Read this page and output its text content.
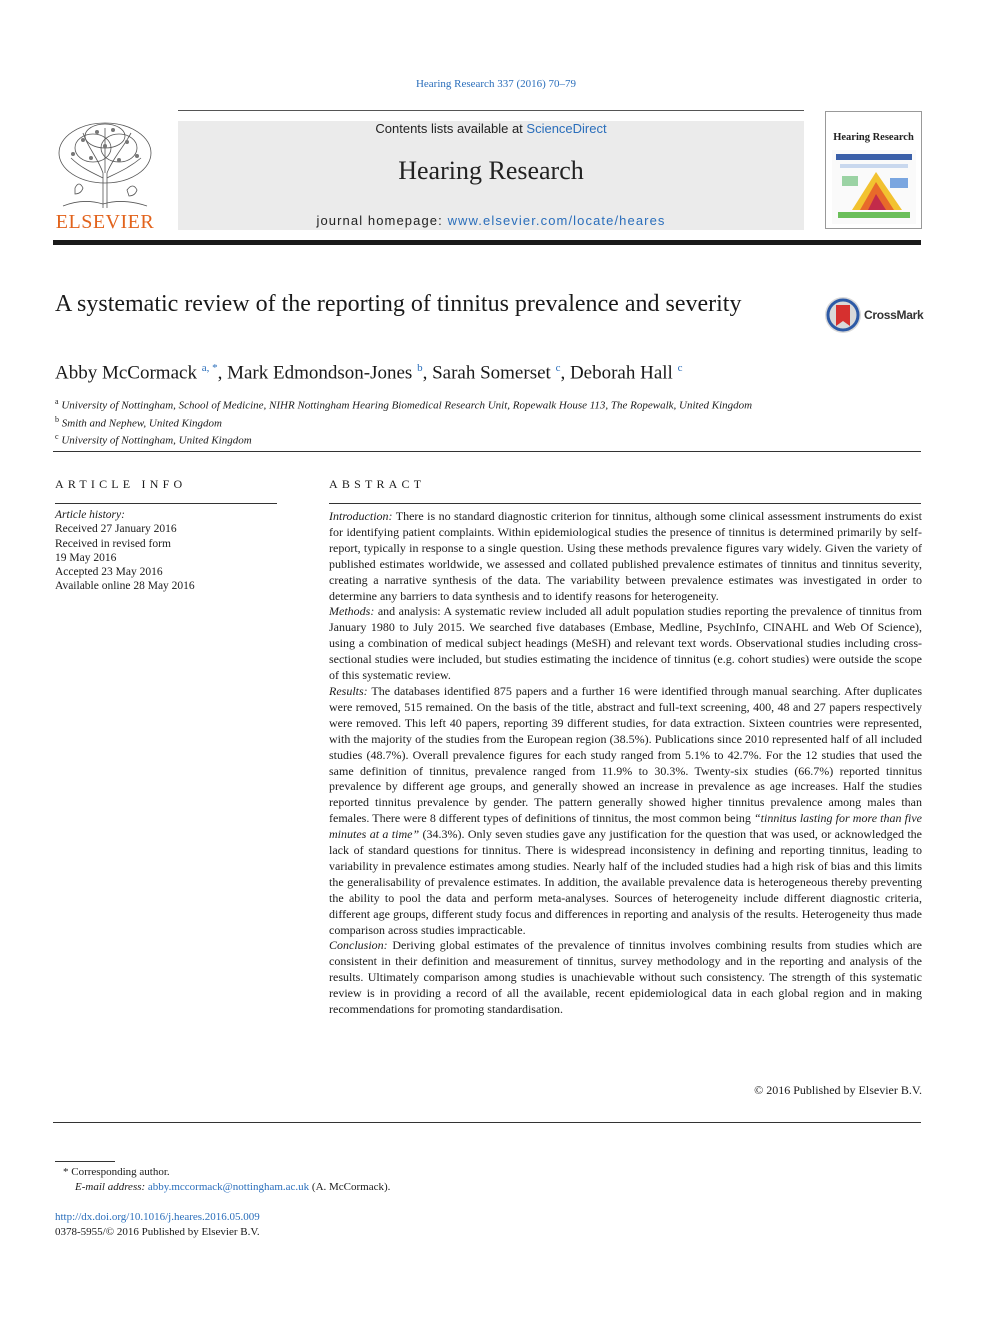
Hearing Research 337 (2016) 70–79
ELSEVIER
Contents lists available at ScienceDirect
Hearing Research
journal homepage: www.elsevier.com/locate/heares
Hearing Research
A systematic review of the reporting of tinnitus prevalence and severity	CrossMark
Abby McCormack $^{a, *}$, Mark Edmondson-Jones $^b$, Sarah Somerset $^c$, Deborah Hall $^c$
$^a$ University of Nottingham, School of Medicine, NIHR Nottingham Hearing Biomedical Research Unit, Ropewalk House 113, The Ropewalk, United Kingdom
$^b$ Smith and Nephew, United Kingdom
$^c$ University of Nottingham, United Kingdom
ARTICLE INFO
Article history:
Received 27 January 2016
Received in revised form
19 May 2016
Accepted 23 May 2016
Available online 28 May 2016
ABSTRACT
Introduction: There is no standard diagnostic criterion for tinnitus, although some clinical assessment instruments do exist for identifying patient complaints. Within epidemiological studies the presence of tinnitus is determined primarily by self-report, typically in response to a single question. Using these methods prevalence figures vary widely. Given the variety of published estimates worldwide, we assessed and collated published prevalence estimates of tinnitus and tinnitus severity, creating a narrative synthesis of the data. The variability between prevalence estimates was investigated in order to determine any barriers to data synthesis and to identify reasons for heterogeneity.
Methods: and analysis: A systematic review included all adult population studies reporting the prevalence of tinnitus from January 1980 to July 2015. We searched five databases (Embase, Medline, PsychInfo, CINAHL and Web Of Science), using a combination of medical subject headings (MeSH) and relevant text words. Observational studies including cross-sectional studies were included, but studies estimating the incidence of tinnitus (e.g. cohort studies) were outside the scope of this systematic review.
Results: The databases identified 875 papers and a further 16 were identified through manual searching. After duplicates were removed, 515 remained. On the basis of the title, abstract and full-text screening, 400, 48 and 27 papers respectively were removed. This left 40 papers, reporting 39 different studies, for data extraction. Sixteen countries were represented, with the majority of the studies from the European region (38.5%). Publications since 2010 represented half of all included studies (48.7%). Overall prevalence figures for each study ranged from 5.1% to 42.7%. For the 12 studies that used the same definition of tinnitus, prevalence ranged from 11.9% to 30.3%. Twenty-six studies (66.7%) reported tinnitus prevalence by different age groups, and generally showed an increase in prevalence as age increases. Half the studies reported tinnitus prevalence by gender. The pattern generally showed higher tinnitus prevalence among males than females. There were 8 different types of definitions of tinnitus, the most common being “tinnitus lasting for more than five minutes at a time” (34.3%). Only seven studies gave any justification for the question that was used, or acknowledged the lack of standard questions for tinnitus. There is widespread inconsistency in defining and reporting tinnitus, leading to variability in prevalence estimates among studies. Nearly half of the included studies had a high risk of bias and this limits the generalisability of prevalence estimates. In addition, the available prevalence data is heterogeneous thereby preventing the ability to pool the data and perform meta-analyses. Sources of heterogeneity include different diagnostic criteria, different age groups, different study focus and differences in reporting and analysis of the results. Heterogeneity thus made comparison across studies impracticable.
Conclusion: Deriving global estimates of the prevalence of tinnitus involves combining results from studies which are consistent in their definition and measurement of tinnitus, survey methodology and in the reporting and analysis of the results. Ultimately comparison among studies is unachievable without such consistency. The strength of this systematic review is in providing a record of all the available, recent epidemiological data in each global region and in making recommendations for promoting standardisation.
© 2016 Published by Elsevier B.V.
* Corresponding author.
E-mail address: abby.mccormack@nottingham.ac.uk (A. McCormack).
http://dx.doi.org/10.1016/j.heares.2016.05.009
0378-5955/© 2016 Published by Elsevier B.V.
